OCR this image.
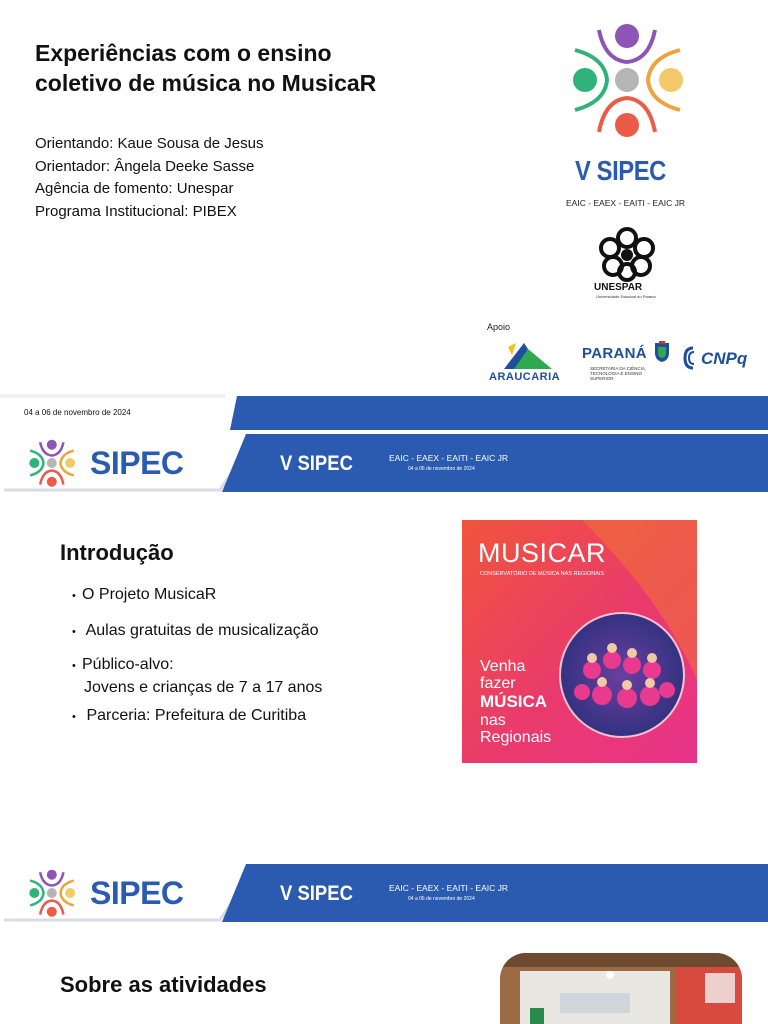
Experiências com o ensino
coletivo de música no MusicaR
Orientando: Kaue Sousa de Jesus
Orientador: Ângela Deeke Sasse
Agência de fomento: Unespar
Programa Institucional: PIBEX
V SIPEC
EAIC - EAEX - EAITI - EAIC JR
UNESPAR
Universidade Estadual do Paraná
Apoio
ARAUCARIA
PARANÁ
SECRETARIA DA CIÊNCIA, TECNOLOGIA E ENSINO SUPERIOR
CNPq
04 a 06 de novembro de 2024
SIPEC	V SIPEC	EAIC - EAEX - EAITI - EAIC JR
04 a 06 de novembro de 2024
Introdução
• O Projeto MusicaR
• Aulas gratuitas de musicalização
• Público-alvo:
Jovens e crianças de 7 a 17 anos
• Parceria: Prefeitura de Curitiba
MUSICAR
CONSERVATÓRIO DE MÚSICA NAS REGIONAIS
Venha
fazer
MÚSICA
nas
Regionais
SIPEC	V SIPEC	EAIC - EAEX - EAITI - EAIC JR
04 a 06 de novembro de 2024
Sobre as atividades
